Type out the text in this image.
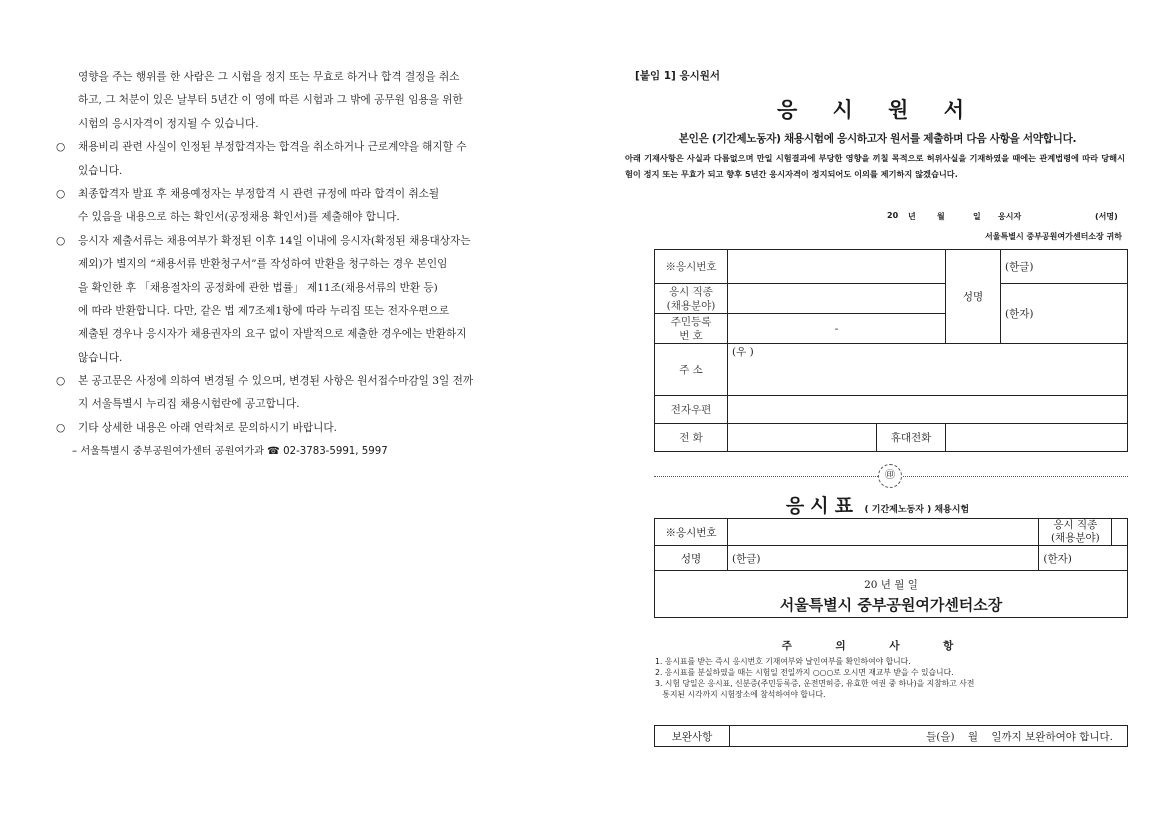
영향을 주는 행위를 한 사람은 그 시험을 정지 또는 무효로 하거나 합격 결정을 취소
하고, 그 처분이 있은 날부터 5년간 이 영에 따른 시험과 그 밖에 공무원 임용을 위한
시험의 응시자격이 정지될 수 있습니다.
○	채용비리 관련 사실이 인정된 부정합격자는 합격을 취소하거나 근로계약을 해지할 수
있습니다.
○	최종합격자 발표 후 채용예정자는 부정합격 시 관련 규정에 따라 합격이 취소될
수 있음을 내용으로 하는 확인서(공정채용 확인서)를 제출해야 합니다.
○	응시자 제출서류는 채용여부가 확정된 이후 14일 이내에 응시자(확정된 채용대상자는
제외)가 별지의 “채용서류 반환청구서”를 작성하여 반환을 청구하는 경우 본인임
을 확인한 후 「채용절차의 공정화에 관한 법률」 제11조(채용서류의 반환 등)
에 따라 반환합니다. 다만, 같은 법 제7조제1항에 따라 누리집 또는 전자우편으로
제출된 경우나 응시자가 채용권자의 요구 없이 자발적으로 제출한 경우에는 반환하지
않습니다.
○	본 공고문은 사정에 의하여 변경될 수 있으며, 변경된 사항은 원서접수마감일 3일 전까
지 서울특별시 누리집 채용시험란에 공고합니다.
○	기타 상세한 내용은 아래 연락처로 문의하시기 바랍니다.
– 서울특별시 중부공원여가센터 공원여가과 ☎ 02-3783-5991, 5997
[붙임 1] 응시원서
응 시 원 서
본인은 (기간제노동자) 채용시험에 응시하고자 원서를 제출하며 다음 사항을 서약합니다.
아래 기재사항은 사실과 다름없으며 만일 시험결과에 부당한 영향을 끼칠 목적으로 허위사실을 기재하였을 때에는 관계법령에 따라 당해시험이 정지 또는 무효가 되고 향후 5년간 응시자격이 정지되어도 이의를 제기하지 않겠습니다.
20 년	월	일 응시자	(서명)
서울특별시 중부공원여가센터소장 귀하
※응시번호			성명	(한글)
응시 직종
(채용분야)				(한자)
주민등록
번 호	-			
주 소	(우 )			
전자우편				
전 화		휴대전화		
㊞
응시표 ( 기간제노동자 ) 채용시험
※응시번호		응시 직종
(채용분야)	
성명	(한글)	(한자)	

20 년 월 일
서울특별시 중부공원여가센터소장			
주 의 사 항
1. 응시표를 받는 즉시 응시번호 기재여부와 날인여부를 확인하여야 합니다.
2. 응시표를 분실하였을 때는 시험일 전일까지 ○○○로 오시면 재교부 받을 수 있습니다.
3. 시험 당일은 응시표, 신분증(주민등록증, 운전면허증, 유효한 여권 중 하나)을 지참하고 사전
통지된 시각까지 시험장소에 참석하여야 합니다.
보완사항	들(을)    월    일까지 보완하여야 합니다.
